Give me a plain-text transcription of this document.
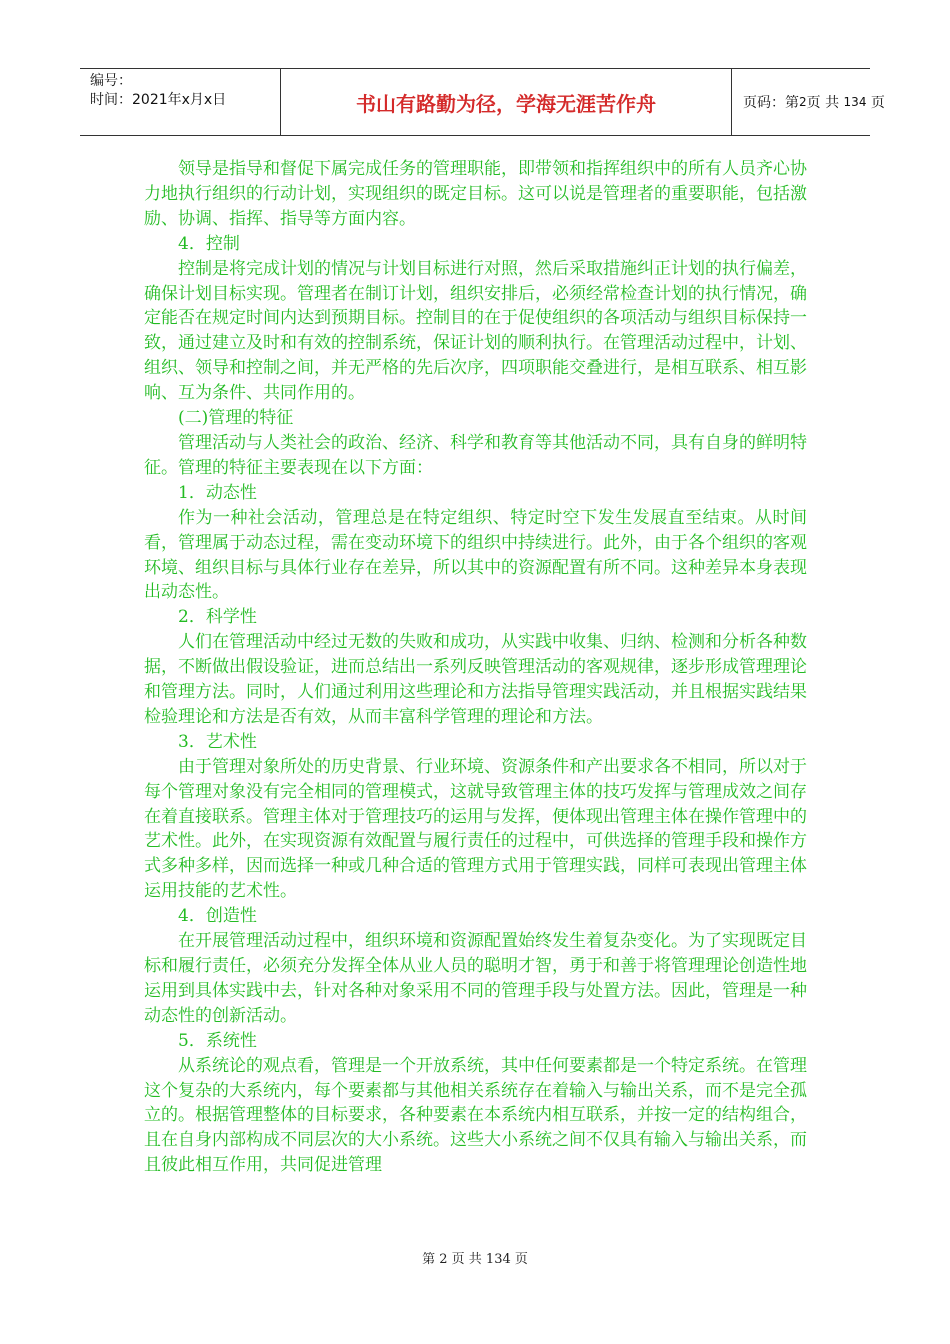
编号：
时间：2021年x月x日	书山有路勤为径，学海无涯苦作舟	页码：第 2 页 共
134
页

领导是指导和督促下属完成任务的管理职能，即带领和指挥组织中的所有人员齐心协力地执行组织的行动计划，实现组织的既定目标。这可以说是管理者的重要职能，包括激励、协调、指挥、指导等方面内容。

4．控制

控制是将完成计划的情况与计划目标进行对照，然后采取措施纠正计划的执行偏差，确保计划目标实现。管理者在制订计划，组织安排后，必须经常检查计划的执行情况，确定能否在规定时间内达到预期目标。控制目的在于促使组织的各项活动与组织目标保持一致，通过建立及时和有效的控制系统，保证计划的顺利执行。在管理活动过程中，计划、组织、领导和控制之间，并无严格的先后次序，四项职能交叠进行，是相互联系、相互影响、互为条件、共同作用的。

(二)管理的特征

管理活动与人类社会的政治、经济、科学和教育等其他活动不同，具有自身的鲜明特征。管理的特征主要表现在以下方面：

1．动态性

作为一种社会活动，管理总是在特定组织、特定时空下发生发展直至结束。从时间看，管理属于动态过程，需在变动环境下的组织中持续进行。此外，由于各个组织的客观环境、组织目标与具体行业存在差异，所以其中的资源配置有所不同。这种差异本身表现出动态性。

2．科学性

人们在管理活动中经过无数的失败和成功，从实践中收集、归纳、检测和分析各种数据，不断做出假设验证，进而总结出一系列反映管理活动的客观规律，逐步形成管理理论和管理方法。同时，人们通过利用这些理论和方法指导管理实践活动，并且根据实践结果检验理论和方法是否有效，从而丰富科学管理的理论和方法。

3．艺术性

由于管理对象所处的历史背景、行业环境、资源条件和产出要求各不相同，所以对于每个管理对象没有完全相同的管理模式，这就导致管理主体的技巧发挥与管理成效之间存在着直接联系。管理主体对于管理技巧的运用与发挥，便体现出管理主体在操作管理中的艺术性。此外，在实现资源有效配置与履行责任的过程中，可供选择的管理手段和操作方式多种多样，因而选择一种或几种合适的管理方式用于管理实践，同样可表现出管理主体运用技能的艺术性。

4．创造性

在开展管理活动过程中，组织环境和资源配置始终发生着复杂变化。为了实现既定目标和履行责任，必须充分发挥全体从业人员的聪明才智，勇于和善于将管理理论创造性地运用到具体实践中去，针对各种对象采用不同的管理手段与处置方法。因此，管理是一种动态性的创新活动。

5．系统性

从系统论的观点看，管理是一个开放系统，其中任何要素都是一个特定系统。在管理这个复杂的大系统内，每个要素都与其他相关系统存在着输入与输出关系，而不是完全孤立的。根据管理整体的目标要求，各种要素在本系统内相互联系，并按一定的结构组合，且在自身内部构成不同层次的大小系统。这些大小系统之间不仅具有输入与输出关系，而且彼此相互作用，共同促进管理

第 2 页 共 134 页
